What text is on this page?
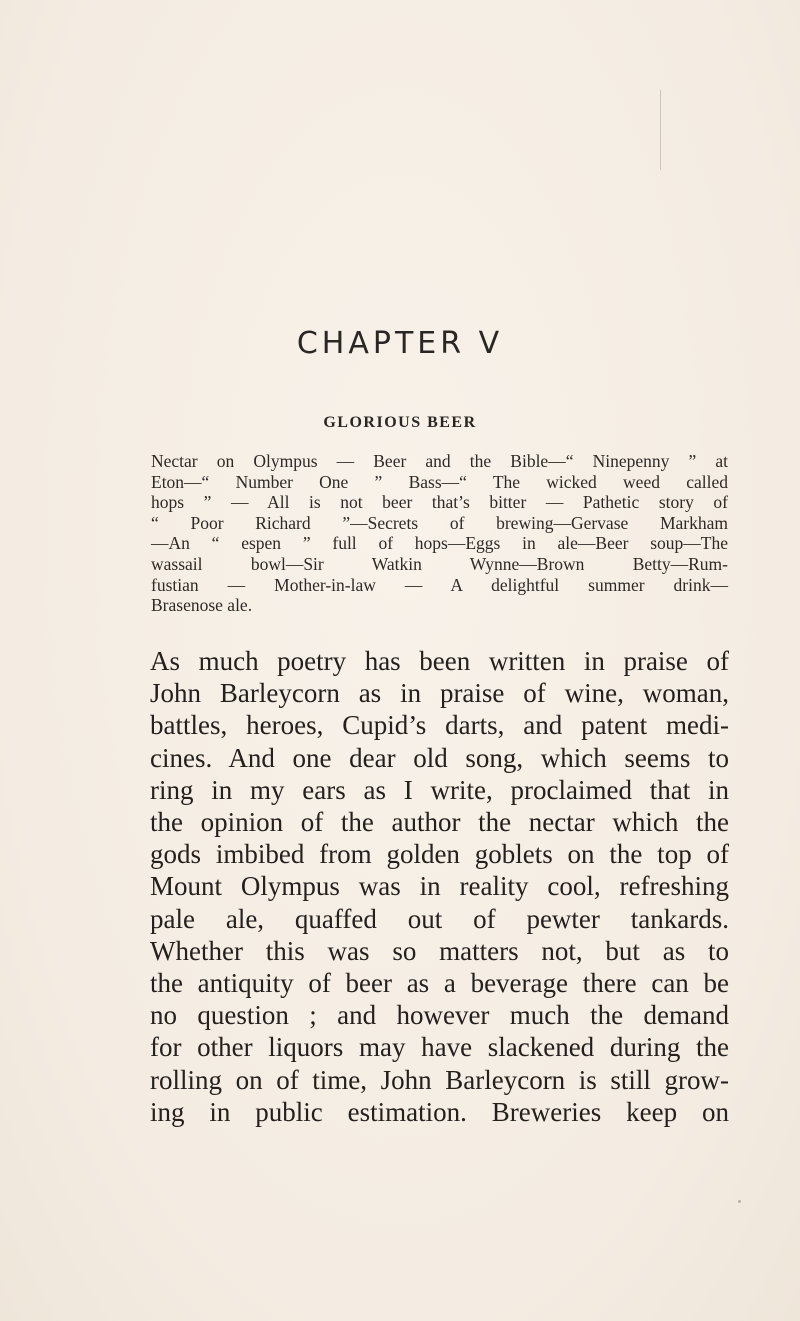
CHAPTER V
GLORIOUS BEER
Nectar on Olympus — Beer and the Bible—“ Ninepenny ” at
Eton—“ Number One ” Bass—“ The wicked weed called
hops ” — All is not beer that’s bitter — Pathetic story of
“ Poor Richard ”—Secrets of brewing—Gervase Markham
—An “ espen ” full of hops—Eggs in ale—Beer soup—The
wassail bowl—Sir Watkin Wynne—Brown Betty—Rum-
fustian — Mother-in-law — A delightful summer drink—
Brasenose ale.
As much poetry has been written in praise of
John Barleycorn as in praise of wine, woman,
battles, heroes, Cupid’s darts, and patent medi-
cines. And one dear old song, which seems to
ring in my ears as I write, proclaimed that in
the opinion of the author the nectar which the
gods imbibed from golden goblets on the top of
Mount Olympus was in reality cool, refreshing
pale ale, quaffed out of pewter tankards.
Whether this was so matters not, but as to
the antiquity of beer as a beverage there can be
no question ; and however much the demand
for other liquors may have slackened during the
rolling on of time, John Barleycorn is still grow-
ing in public estimation. Breweries keep on
